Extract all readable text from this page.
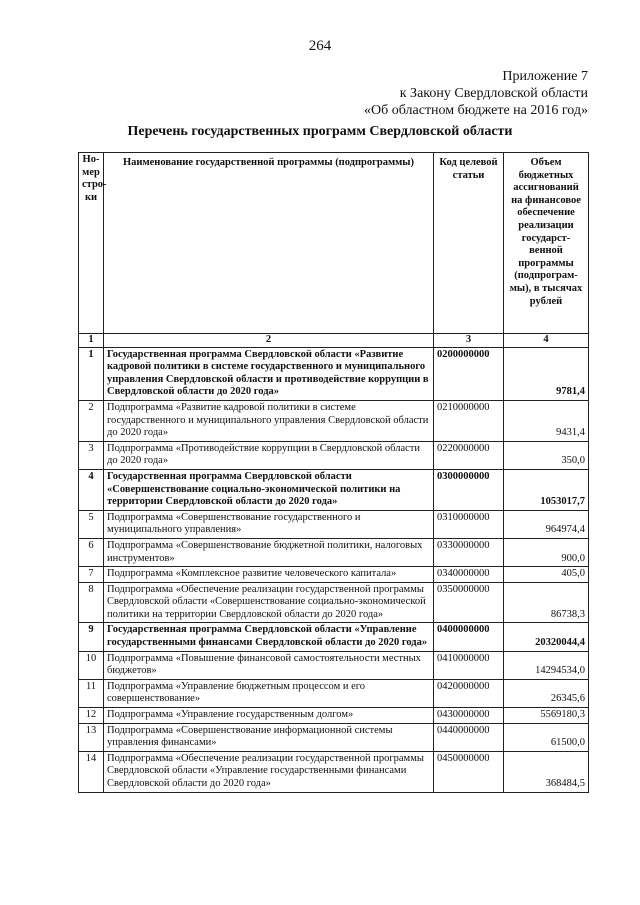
264
Приложение 7
к Закону Свердловской области
«Об областном бюджете на 2016 год»
Перечень государственных программ Свердловской области
Но-мер стро-ки	Наименование государственной программы (подпрограммы)	Код целевой статьи	Объем бюджетных ассигнований на финансовое обеспечение реализации государст-венной программы (подпрограм-мы), в тысячах рублей
1	2	3	4
1	Государственная программа Свердловской области «Развитие кадровой политики в системе государственного и муниципального управления Свердловской области и противодействие коррупции в Свердловской области до 2020 года»	0200000000	9781,4
2	Подпрограмма «Развитие кадровой политики в системе государственного и муниципального управления Свердловской области до 2020 года»	0210000000	9431,4
3	Подпрограмма «Противодействие коррупции в Свердловской области до 2020 года»	0220000000	350,0
4	Государственная программа Свердловской области «Совершенствование социально-экономической политики на территории Свердловской области до 2020 года»	0300000000	1053017,7
5	Подпрограмма «Совершенствование государственного и муниципального управления»	0310000000	964974,4
6	Подпрограмма «Совершенствование бюджетной политики, налоговых инструментов»	0330000000	900,0
7	Подпрограмма «Комплексное развитие человеческого капитала»	0340000000	405,0
8	Подпрограмма «Обеспечение реализации государственной программы Свердловской области «Совершенствование социально-экономической политики на территории Свердловской области до 2020 года»	0350000000	86738,3
9	Государственная программа Свердловской области «Управление государственными финансами Свердловской области до 2020 года»	0400000000	20320044,4
10	Подпрограмма «Повышение финансовой самостоятельности местных бюджетов»	0410000000	14294534,0
11	Подпрограмма «Управление бюджетным процессом и его совершенствование»	0420000000	26345,6
12	Подпрограмма «Управление государственным долгом»	0430000000	5569180,3
13	Подпрограмма «Совершенствование информационной системы управления финансами»	0440000000	61500,0
14	Подпрограмма «Обеспечение реализации государственной программы Свердловской области «Управление государственными финансами Свердловской области до 2020 года»	0450000000	368484,5
